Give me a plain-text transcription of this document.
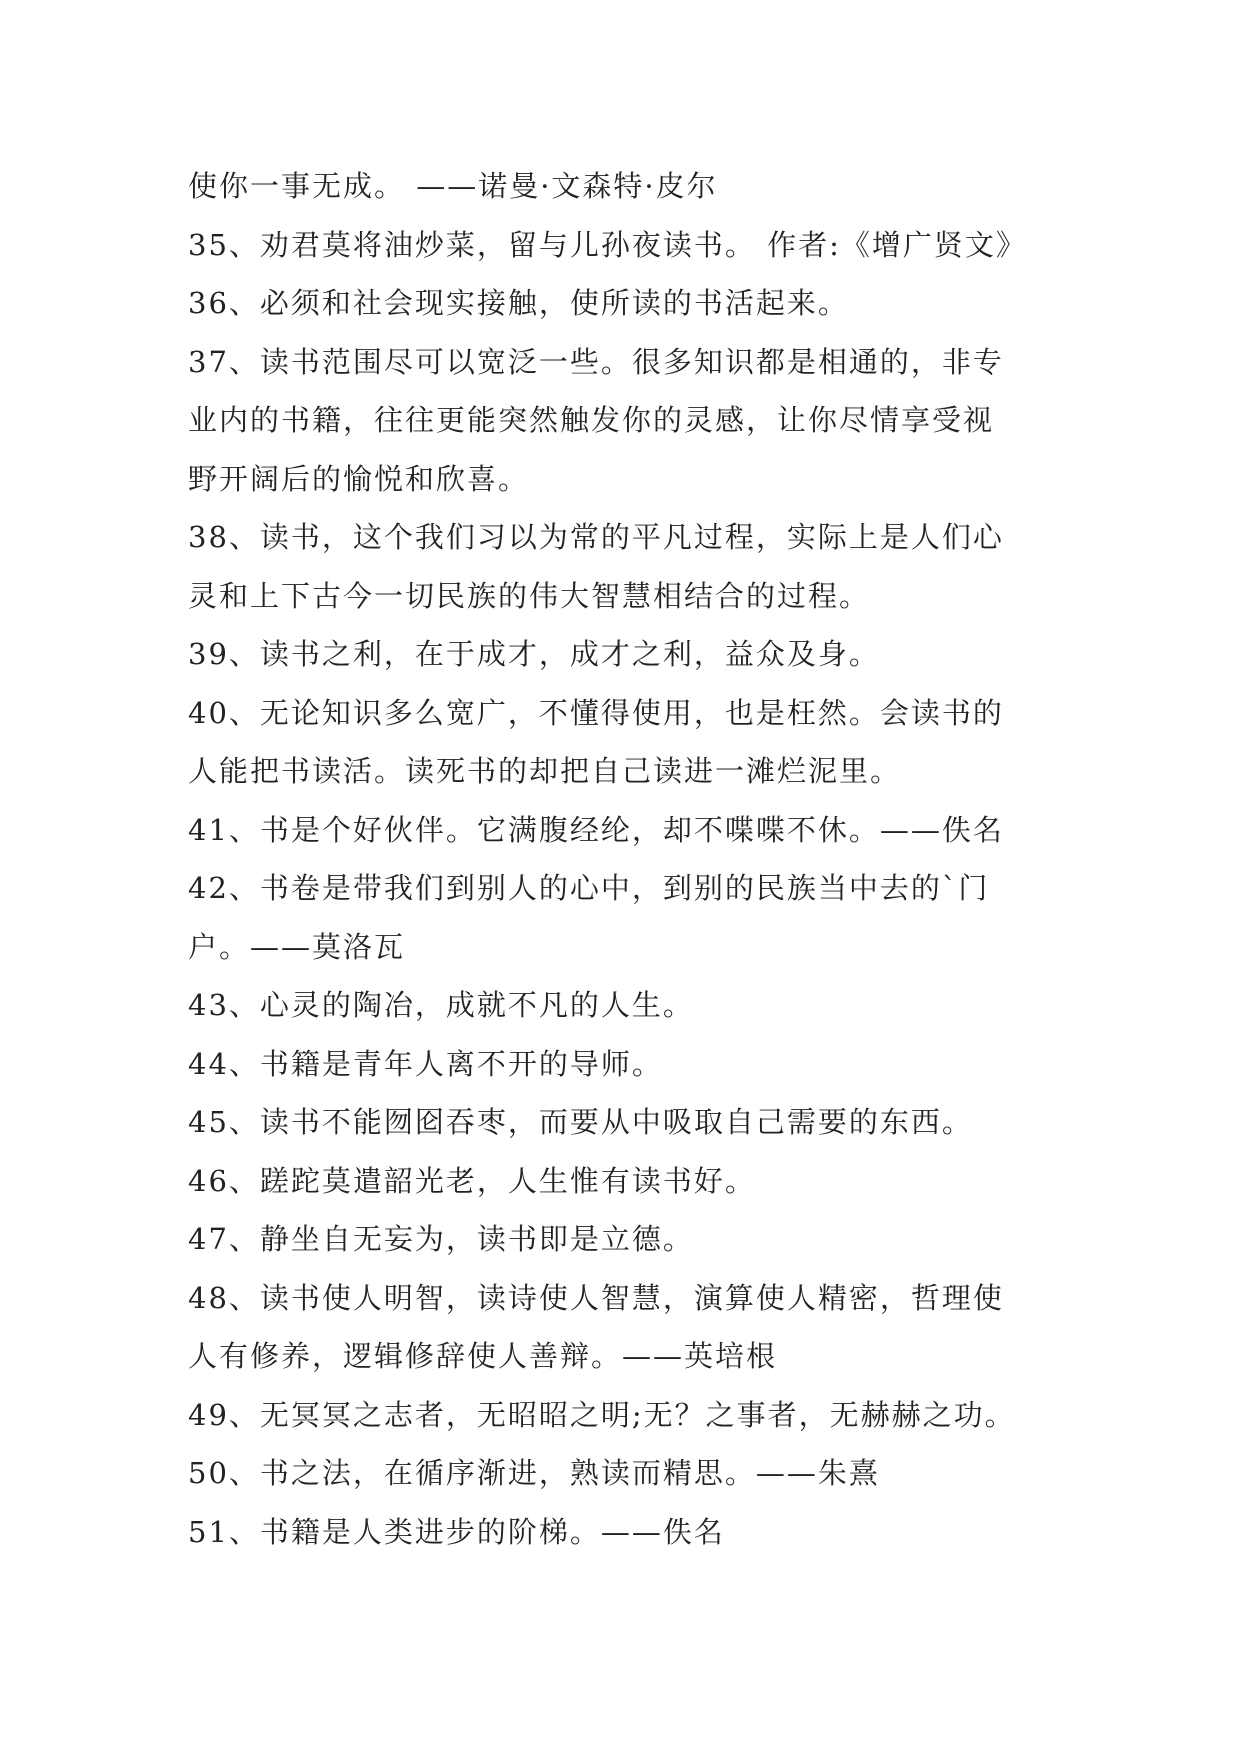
使你一事无成。 ——诺曼·文森特·皮尔
35、劝君莫将油炒菜，留与儿孙夜读书。 作者:《增广贤文》
36、必须和社会现实接触，使所读的书活起来。
37、读书范围尽可以宽泛一些。很多知识都是相通的，非专
业内的书籍，往往更能突然触发你的灵感，让你尽情享受视
野开阔后的愉悦和欣喜。
38、读书，这个我们习以为常的平凡过程，实际上是人们心
灵和上下古今一切民族的伟大智慧相结合的过程。
39、读书之利，在于成才，成才之利，益众及身。
40、无论知识多么宽广，不懂得使用，也是枉然。会读书的
人能把书读活。读死书的却把自己读进一滩烂泥里。
41、书是个好伙伴。它满腹经纶，却不喋喋不休。——佚名
42、书卷是带我们到别人的心中，到别的民族当中去的`门
户。——莫洛瓦
43、心灵的陶冶，成就不凡的人生。
44、书籍是青年人离不开的导师。
45、读书不能囫囵吞枣，而要从中吸取自己需要的东西。
46、蹉跎莫遣韶光老，人生惟有读书好。
47、静坐自无妄为，读书即是立德。
48、读书使人明智，读诗使人智慧，演算使人精密，哲理使
人有修养，逻辑修辞使人善辩。——英培根
49、无冥冥之志者，无昭昭之明;无？之事者，无赫赫之功。
50、书之法，在循序渐进，熟读而精思。——朱熹
51、书籍是人类进步的阶梯。——佚名
